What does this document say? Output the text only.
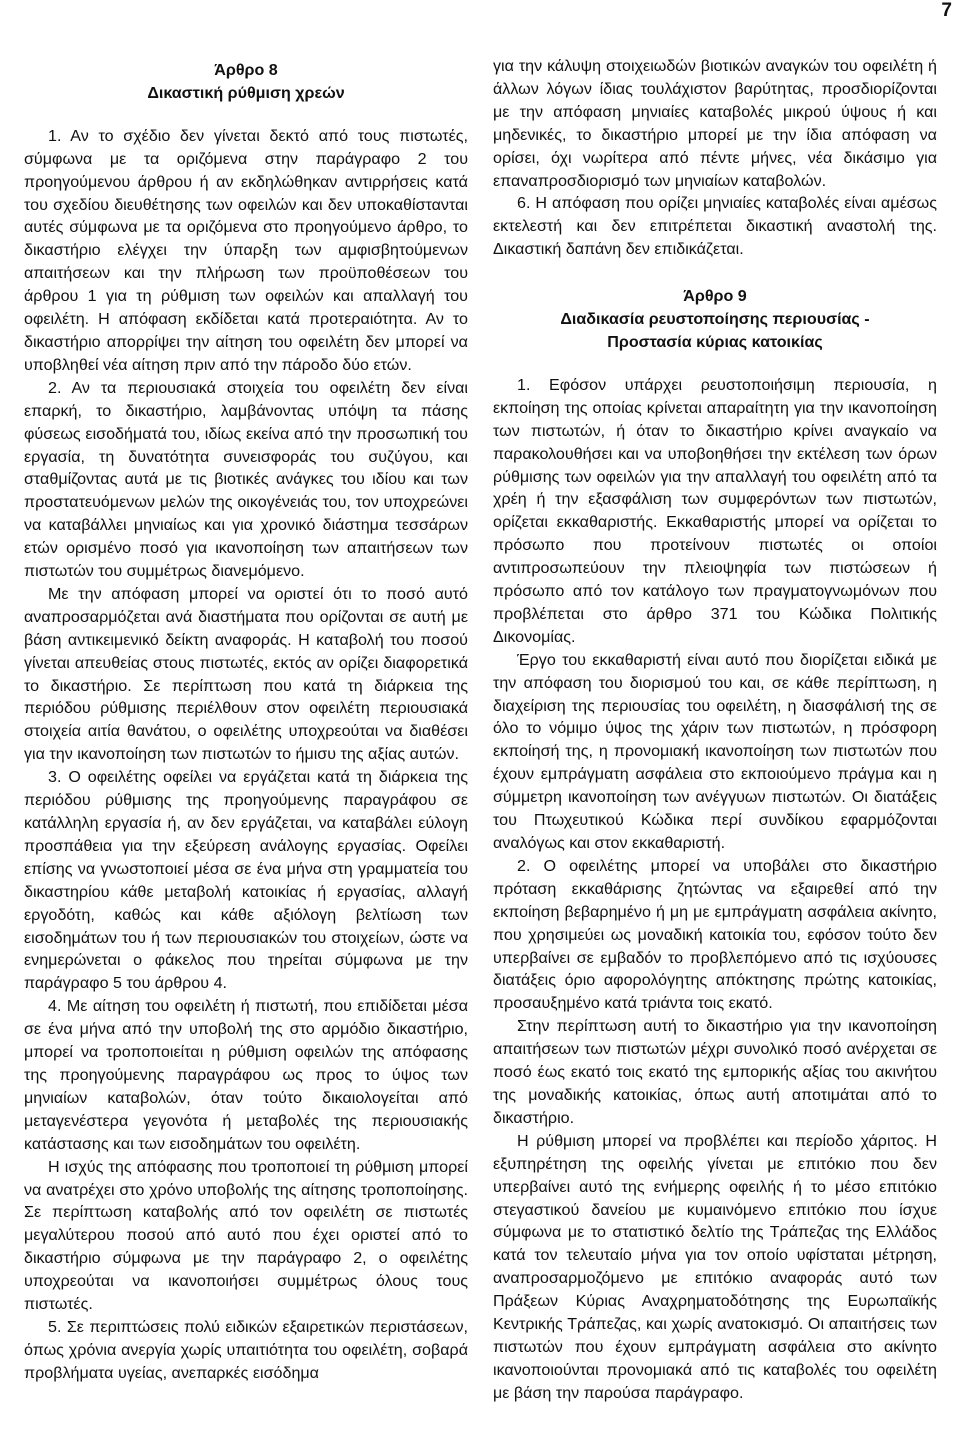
7
Άρθρο 8
Δικαστική ρύθμιση χρεών

1. Αν το σχέδιο δεν γίνεται δεκτό από τους πιστωτές, σύμφωνα με τα οριζόμενα στην παράγραφο 2 του προηγούμενου άρθρου ή αν εκδηλώθηκαν αντιρρήσεις κατά του σχεδίου διευθέτησης των οφειλών και δεν υποκαθίστανται αυτές σύμφωνα με τα οριζόμενα στο προηγούμενο άρθρο, το δικαστήριο ελέγχει την ύπαρξη των αμφισβητούμενων απαιτήσεων και την πλήρωση των προϋποθέσεων του άρθρου 1 για τη ρύθμιση των οφειλών και απαλλαγή του οφειλέτη. Η απόφαση εκδίδεται κατά προτεραιότητα. Αν το δικαστήριο απορρίψει την αίτηση του οφειλέτη δεν μπορεί να υποβληθεί νέα αίτηση πριν από την πάροδο δύο ετών.

2. Αν τα περιουσιακά στοιχεία του οφειλέτη δεν είναι επαρκή, το δικαστήριο, λαμβάνοντας υπόψη τα πάσης φύσεως εισοδήματά του, ιδίως εκείνα από την προσωπική του εργασία, τη δυνατότητα συνεισφοράς του συζύγου, και σταθμίζοντας αυτά με τις βιοτικές ανάγκες του ιδίου και των προστατευόμενων μελών της οικογένειάς του, τον υποχρεώνει να καταβάλλει μηνιαίως και για χρονικό διάστημα τεσσάρων ετών ορισμένο ποσό για ικανοποίηση των απαιτήσεων των πιστωτών του συμμέτρως διανεμόμενο.

Με την απόφαση μπορεί να οριστεί ότι το ποσό αυτό αναπροσαρμόζεται ανά διαστήματα που ορίζονται σε αυτή με βάση αντικειμενικό δείκτη αναφοράς. Η καταβολή του ποσού γίνεται απευθείας στους πιστωτές, εκτός αν ορίζει διαφορετικά το δικαστήριο. Σε περίπτωση που κατά τη διάρκεια της περιόδου ρύθμισης περιέλθουν στον οφειλέτη περιουσιακά στοιχεία αιτία θανάτου, ο οφειλέτης υποχρεούται να διαθέσει για την ικανοποίηση των πιστωτών το ήμισυ της αξίας αυτών.

3. Ο οφειλέτης οφείλει να εργάζεται κατά τη διάρκεια της περιόδου ρύθμισης της προηγούμενης παραγράφου σε κατάλληλη εργασία ή, αν δεν εργάζεται, να καταβάλει εύλογη προσπάθεια για την εξεύρεση ανάλογης εργασίας. Οφείλει επίσης να γνωστοποιεί μέσα σε ένα μήνα στη γραμματεία του δικαστηρίου κάθε μεταβολή κατοικίας ή εργασίας, αλλαγή εργοδότη, καθώς και κάθε αξιόλογη βελτίωση των εισοδημάτων του ή των περιουσιακών του στοιχείων, ώστε να ενημερώνεται ο φάκελος που τηρείται σύμφωνα με την παράγραφο 5 του άρθρου 4.

4. Με αίτηση του οφειλέτη ή πιστωτή, που επιδίδεται μέσα σε ένα μήνα από την υποβολή της στο αρμόδιο δικαστήριο, μπορεί να τροποποιείται η ρύθμιση οφειλών της απόφασης της προηγούμενης παραγράφου ως προς το ύψος των μηνιαίων καταβολών, όταν τούτο δικαιολογείται από μεταγενέστερα γεγονότα ή μεταβολές της περιουσιακής κατάστασης και των εισοδημάτων του οφειλέτη.

Η ισχύς της απόφασης που τροποποιεί τη ρύθμιση μπορεί να ανατρέχει στο χρόνο υποβολής της αίτησης τροποποίησης. Σε περίπτωση καταβολής από τον οφειλέτη σε πιστωτές μεγαλύτερου ποσού από αυτό που έχει οριστεί από το δικαστήριο σύμφωνα με την παράγραφο 2, ο οφειλέτης υποχρεούται να ικανοποιήσει συμμέτρως όλους τους πιστωτές.

5. Σε περιπτώσεις πολύ ειδικών εξαιρετικών περιστάσεων, όπως χρόνια ανεργία χωρίς υπαιτιότητα του οφειλέτη, σοβαρά προβλήματα υγείας, ανεπαρκές εισόδημα

για την κάλυψη στοιχειωδών βιοτικών αναγκών του οφειλέτη ή άλλων λόγων ίδιας τουλάχιστον βαρύτητας, προσδιορίζονται με την απόφαση μηνιαίες καταβολές μικρού ύψους ή και μηδενικές, το δικαστήριο μπορεί με την ίδια απόφαση να ορίσει, όχι νωρίτερα από πέντε μήνες, νέα δικάσιμο για επαναπροσδιορισμό των μηνιαίων καταβολών.

6. Η απόφαση που ορίζει μηνιαίες καταβολές είναι αμέσως εκτελεστή και δεν επιτρέπεται δικαστική αναστολή της. Δικαστική δαπάνη δεν επιδικάζεται.

Άρθρο 9
Διαδικασία ρευστοποίησης περιουσίας -
Προστασία κύριας κατοικίας

1. Εφόσον υπάρχει ρευστοποιήσιμη περιουσία, η εκποίηση της οποίας κρίνεται απαραίτητη για την ικανοποίηση των πιστωτών, ή όταν το δικαστήριο κρίνει αναγκαίο να παρακολουθήσει και να υποβοηθήσει την εκτέλεση των όρων ρύθμισης των οφειλών για την απαλλαγή του οφειλέτη από τα χρέη ή την εξασφάλιση των συμφερόντων των πιστωτών, ορίζεται εκκαθαριστής. Εκκαθαριστής μπορεί να ορίζεται το πρόσωπο που προτείνουν πιστωτές οι οποίοι αντιπροσωπεύουν την πλειοψηφία των πιστώσεων ή πρόσωπο από τον κατάλογο των πραγματογνωμόνων που προβλέπεται στο άρθρο 371 του Κώδικα Πολιτικής Δικονομίας.

Έργο του εκκαθαριστή είναι αυτό που διορίζεται ειδικά με την απόφαση του διορισμού του και, σε κάθε περίπτωση, η διαχείριση της περιουσίας του οφειλέτη, η διασφάλισή της σε όλο το νόμιμο ύψος της χάριν των πιστωτών, η πρόσφορη εκποίησή της, η προνομιακή ικανοποίηση των πιστωτών που έχουν εμπράγματη ασφάλεια στο εκποιούμενο πράγμα και η σύμμετρη ικανοποίηση των ανέγγυων πιστωτών. Οι διατάξεις του Πτωχευτικού Κώδικα περί συνδίκου εφαρμόζονται αναλόγως και στον εκκαθαριστή.

2. Ο οφειλέτης μπορεί να υποβάλει στο δικαστήριο πρόταση εκκαθάρισης ζητώντας να εξαιρεθεί από την εκποίηση βεβαρημένο ή μη με εμπράγματη ασφάλεια ακίνητο, που χρησιμεύει ως μοναδική κατοικία του, εφόσον τούτο δεν υπερβαίνει σε εμβαδόν το προβλεπόμενο από τις ισχύουσες διατάξεις όριο αφορολόγητης απόκτησης πρώτης κατοικίας, προσαυξημένο κατά τριάντα τοις εκατό.

Στην περίπτωση αυτή το δικαστήριο για την ικανοποίηση απαιτήσεων των πιστωτών μέχρι συνολικό ποσό ανέρχεται σε ποσό έως εκατό τοις εκατό της εμπορικής αξίας του ακινήτου της μοναδικής κατοικίας, όπως αυτή αποτιμάται από το δικαστήριο.

Η ρύθμιση μπορεί να προβλέπει και περίοδο χάριτος. Η εξυπηρέτηση της οφειλής γίνεται με επιτόκιο που δεν υπερβαίνει αυτό της ενήμερης οφειλής ή το μέσο επιτόκιο στεγαστικού δανείου με κυμαινόμενο επιτόκιο που ίσχυε σύμφωνα με το στατιστικό δελτίο της Τράπεζας της Ελλάδος κατά τον τελευταίο μήνα για τον οποίο υφίσταται μέτρηση, αναπροσαρμοζόμενο με επιτόκιο αναφοράς αυτό των Πράξεων Κύριας Αναχρηματοδότησης της Ευρωπαϊκής Κεντρικής Τράπεζας, και χωρίς ανατοκισμό. Οι απαιτήσεις των πιστωτών που έχουν εμπράγματη ασφάλεια στο ακίνητο ικανοποιούνται προνομιακά από τις καταβολές του οφειλέτη με βάση την παρούσα παράγραφο.
